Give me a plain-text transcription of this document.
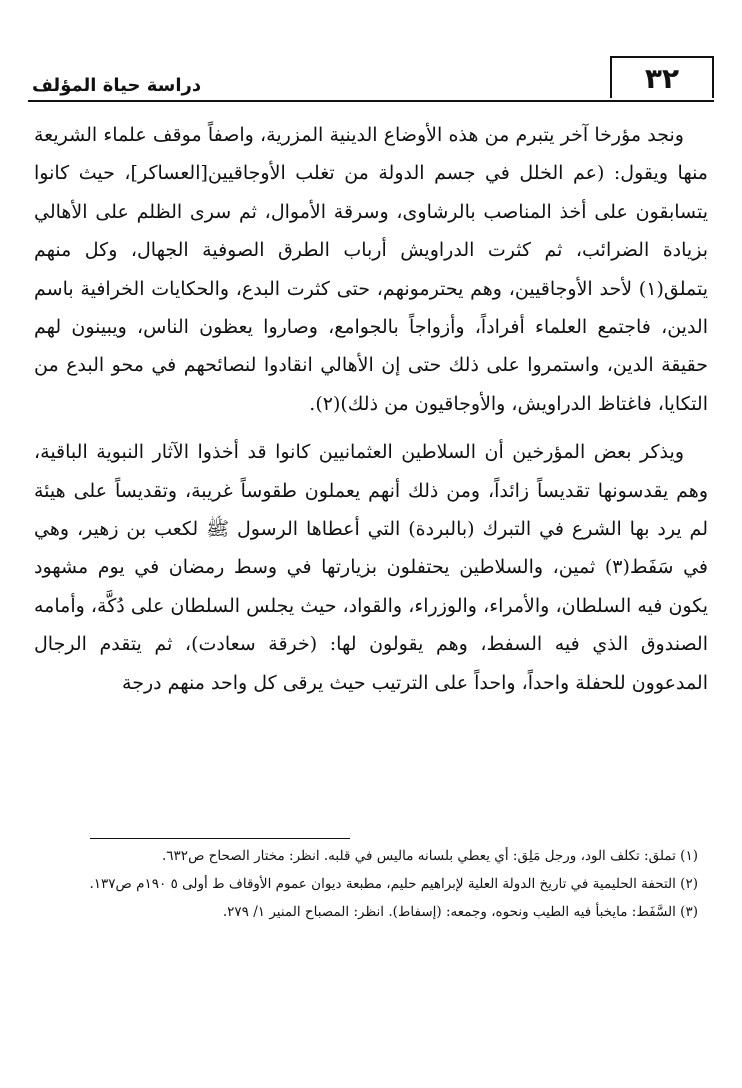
٣٢
دراسة حياة المؤلف

ونجد مؤرخا آخر يتبرم من هذه الأوضاع الدينية المزرية، واصفاً موقف علماء الشريعة منها ويقول: (عم الخلل في جسم الدولة من تغلب الأوجاقيين[العساكر]، حيث كانوا يتسابقون على أخذ المناصب بالرشاوى، وسرقة الأموال، ثم سرى الظلم على الأهالي بزيادة الضرائب، ثم كثرت الدراويش أرباب الطرق الصوفية الجهال، وكل منهم يتملق(١) لأحد الأوجاقيين، وهم يحترمونهم، حتى كثرت البدع، والحكايات الخرافية باسم الدين، فاجتمع العلماء أفراداً، وأزواجاً بالجوامع، وصاروا يعظون الناس، ويبينون لهم حقيقة الدين، واستمروا على ذلك حتى إن الأهالي انقادوا لنصائحهم في محو البدع من التكايا، فاغتاظ الدراويش، والأوجاقيون من ذلك)(٢).

ويذكر بعض المؤرخين أن السلاطين العثمانيين كانوا قد أخذوا الآثار النبوية الباقية، وهم يقدسونها تقديساً زائداً، ومن ذلك أنهم يعملون طقوساً غريبة، وتقديساً على هيئة لم يرد بها الشرع في التبرك (بالبردة) التي أعطاها الرسول ﷺ لكعب بن زهير، وهي في سَفَط(٣) ثمين، والسلاطين يحتفلون بزيارتها في وسط رمضان في يوم مشهود يكون فيه السلطان، والأمراء، والوزراء، والقواد، حيث يجلس السلطان على دُكَّة، وأمامه الصندوق الذي فيه السفط، وهم يقولون لها: (خرقة سعادت)، ثم يتقدم الرجال المدعوون للحفلة واحداً، واحداً على الترتيب حيث يرقى كل واحد منهم درجة

(١) تملق: تكلف الود، ورجل مَلِق: أي يعطي بلسانه ماليس في قلبه. انظر: مختار الصحاح ص٦٣٢.

(٢) التحفة الحليمية في تاريخ الدولة العلية لإبراهيم حليم، مطبعة ديوان عموم الأوقاف ط أولى ٥ ١٩٠م ص١٣٧.

(٣) السَّفَط: مايخبأ فيه الطيب ونحوه، وجمعه: (إسفاط). انظر: المصباح المنير ١/ ٢٧٩.
